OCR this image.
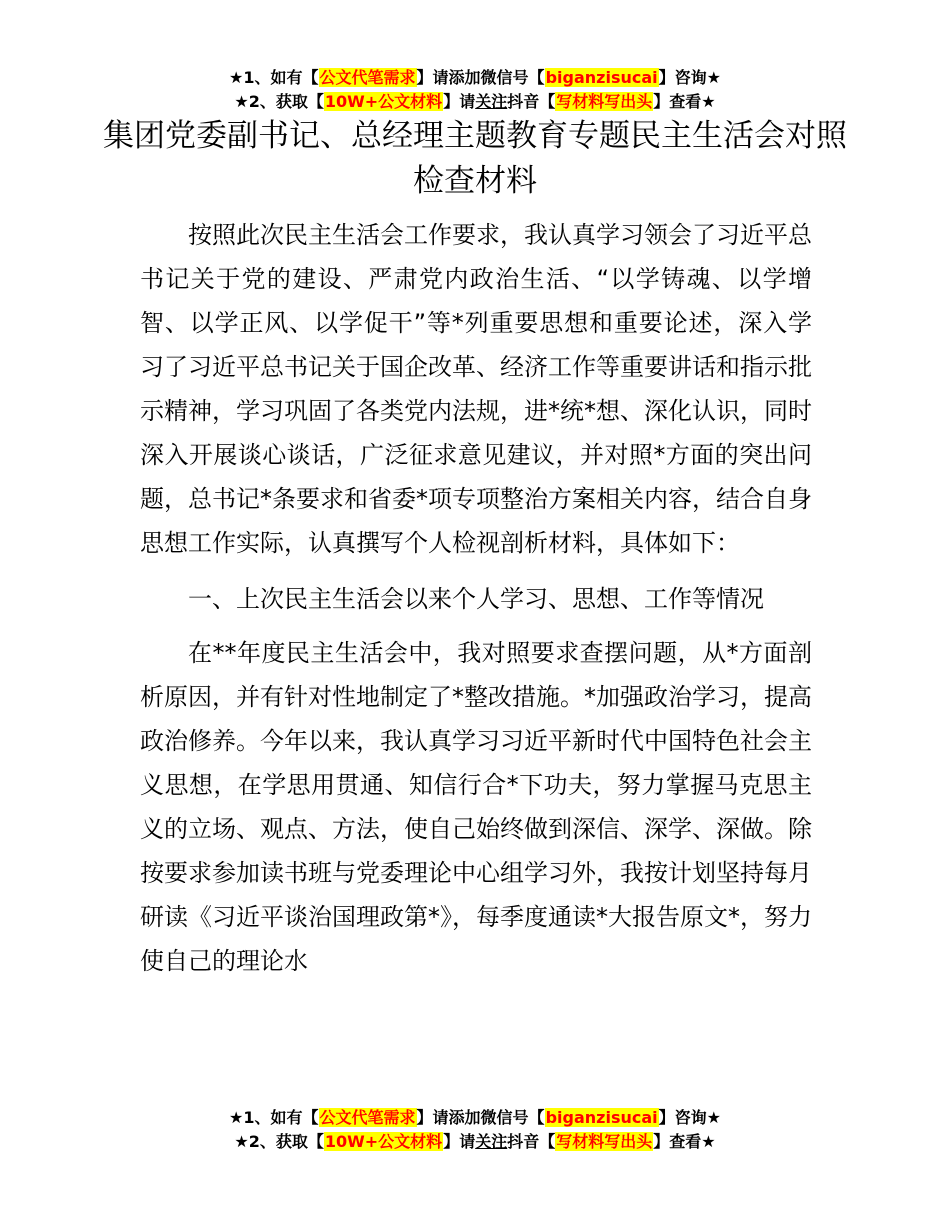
★1、如有【公文代笔需求】请添加微信号【biganzisucai】咨询★
★2、获取【10W+公文材料】请关注抖音【写材料写出头】查看★
集团党委副书记、总经理主题教育专题民主生活会对照检查材料

按照此次民主生活会工作要求，我认真学习领会了习近平总书记关于党的建设、严肃党内政治生活、“以学铸魂、以学增智、以学正风、以学促干”等*列重要思想和重要论述，深入学习了习近平总书记关于国企改革、经济工作等重要讲话和指示批示精神，学习巩固了各类党内法规，进*统*想、深化认识，同时深入开展谈心谈话，广泛征求意见建议，并对照*方面的突出问题，总书记*条要求和省委*项专项整治方案相关内容，结合自身思想工作实际，认真撰写个人检视剖析材料，具体如下：

一、上次民主生活会以来个人学习、思想、工作等情况

在**年度民主生活会中，我对照要求查摆问题，从*方面剖析原因，并有针对性地制定了*整改措施。*加强政治学习，提高政治修养。今年以来，我认真学习习近平新时代中国特色社会主义思想，在学思用贯通、知信行合*下功夫，努力掌握马克思主义的立场、观点、方法，使自己始终做到深信、深学、深做。除按要求参加读书班与党委理论中心组学习外，我按计划坚持每月研读《习近平谈治国理政第*》，每季度通读*大报告原文*，努力使自己的理论水

★1、如有【公文代笔需求】请添加微信号【biganzisucai】咨询★
★2、获取【10W+公文材料】请关注抖音【写材料写出头】查看★
